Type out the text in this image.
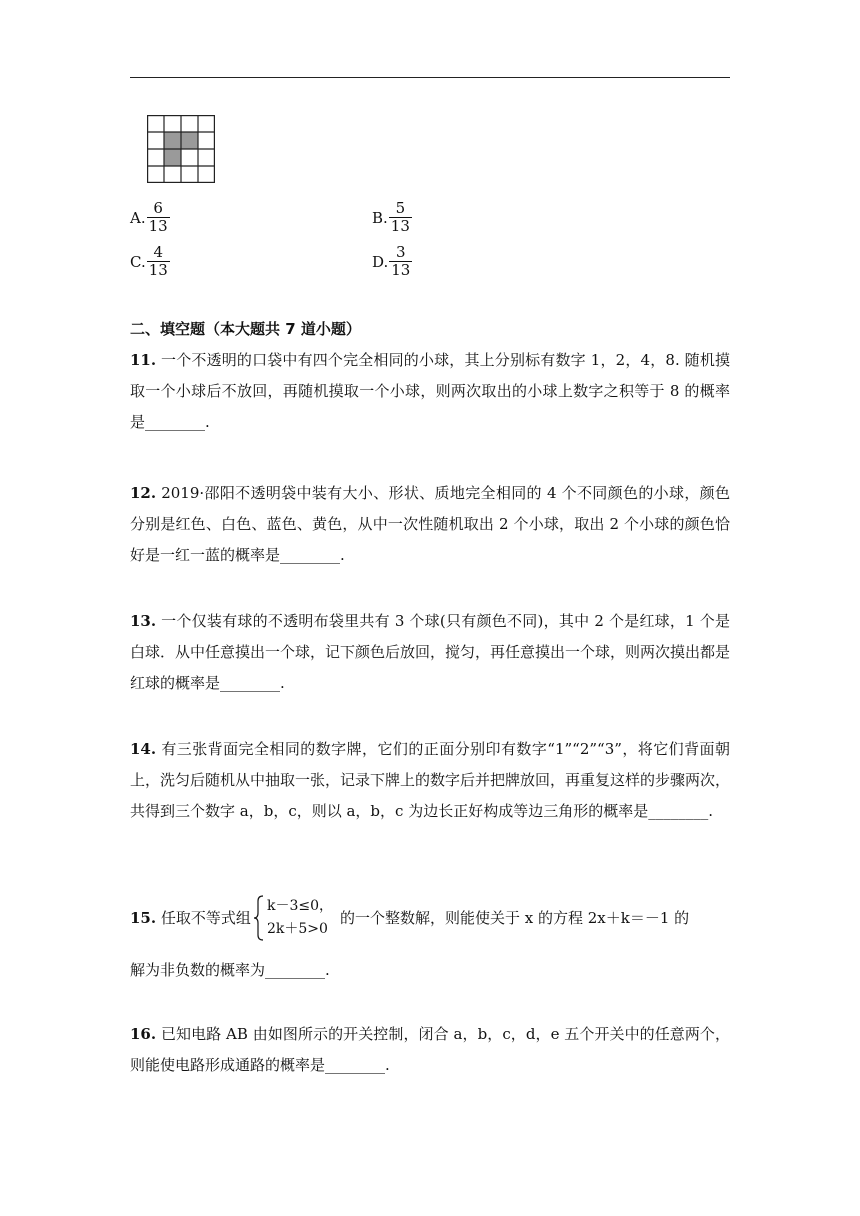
A. $\frac{6}{13}$	B. $\frac{5}{13}$
C. $\frac{4}{13}$	D. $\frac{3}{13}$
二、填空题（本大题共 7 道小题）
11. 一个不透明的口袋中有四个完全相同的小球，其上分别标有数字 1，2，4，8. 随机摸取一个小球后不放回，再随机摸取一个小球，则两次取出的小球上数字之积等于 8 的概率是________.
12. 2019·邵阳不透明袋中装有大小、形状、质地完全相同的 4 个不同颜色的小球，颜色分别是红色、白色、蓝色、黄色，从中一次性随机取出 2 个小球，取出 2 个小球的颜色恰好是一红一蓝的概率是________.
13. 一个仅装有球的不透明布袋里共有 3 个球(只有颜色不同)，其中 2 个是红球，1 个是白球．从中任意摸出一个球，记下颜色后放回，搅匀，再任意摸出一个球，则两次摸出都是红球的概率是________.
14. 有三张背面完全相同的数字牌，它们的正面分别印有数字“1”“2”“3”，将它们背面朝上，洗匀后随机从中抽取一张，记录下牌上的数字后并把牌放回，再重复这样的步骤两次，共得到三个数字 a，b，c，则以 a，b，c 为边长正好构成等边三角形的概率是________.
15. 任取不等式组
k－3≤0，
2k＋5>0
的一个整数解，则能使关于 x 的方程 2x＋k＝－1 的
解为非负数的概率为________.
16. 已知电路 AB 由如图所示的开关控制，闭合 a，b，c，d，e 五个开关中的任意两个，则能使电路形成通路的概率是________.
